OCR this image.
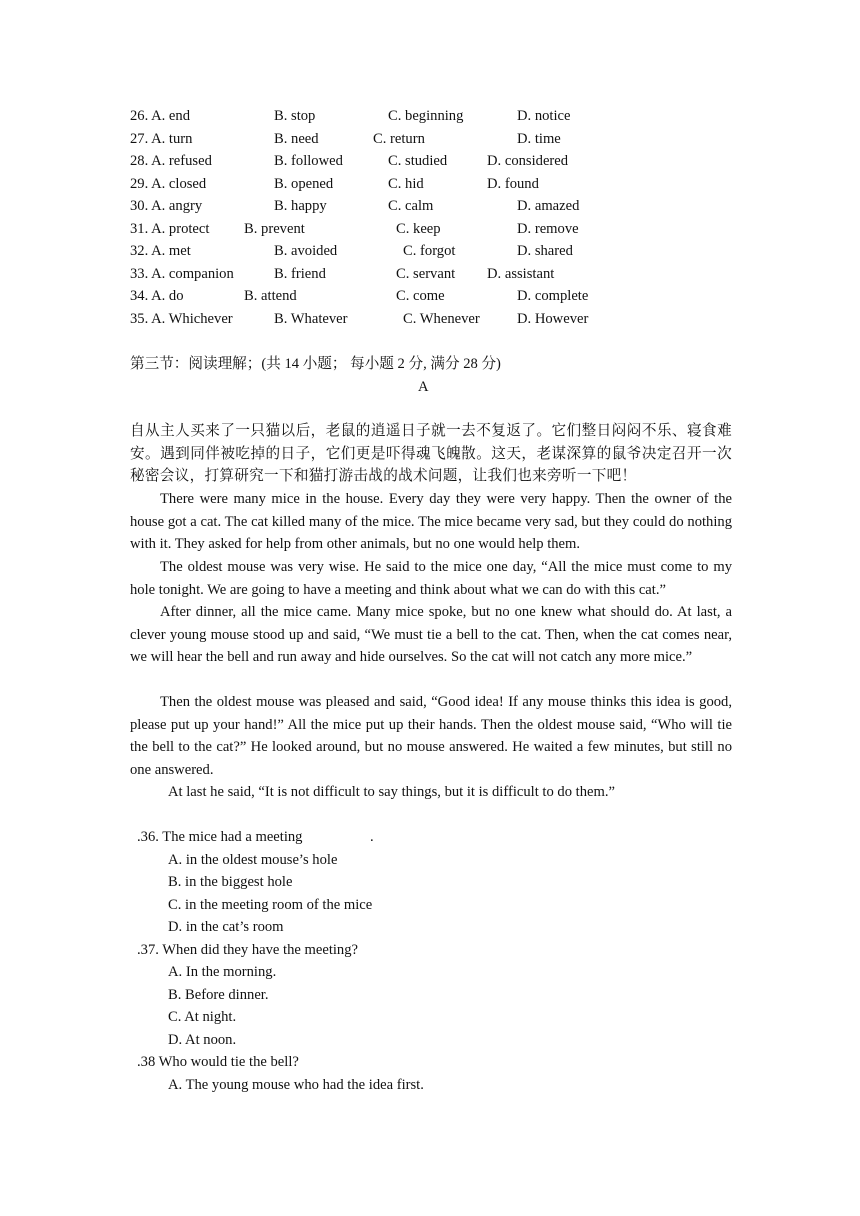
26. A. end	B. stop	C. beginning	D. notice
27. A. turn	B. need	C. return	D. time
28. A. refused	B. followed	C. studied	D. considered
29. A. closed	B. opened	C. hid	D. found
30. A. angry	B. happy	C. calm	D. amazed
31. A. protect B. prevent	C. keep	D. remove
32. A. met	B. avoided	C. forgot	D. shared
33. A. companion	B. friend	C. servant D. assistant
34. A. do	B. attend	C. come	D. complete
35. A. Whichever	B. Whatever	C. Whenever	D. However
第三节：阅读理解；(共 14 小题； 每小题 2 分, 满分 28 分)
A
自从主人买来了一只猫以后，老鼠的逍遥日子就一去不复返了。它们整日闷闷不乐、寝食难安。遇到同伴被吃掉的日子，它们更是吓得魂飞魄散。这天，老谋深算的鼠爷决定召开一次秘密会议，打算研究一下和猫打游击战的战术问题，让我们也来旁听一下吧！
There were many mice in the house. Every day they were very happy. Then the owner of the house got a cat. The cat killed many of the mice. The mice became very sad, but they could do nothing with it. They asked for help from other animals, but no one would help them.
The oldest mouse was very wise. He said to the mice one day, “All the mice must come to my hole tonight. We are going to have a meeting and think about what we can do with this cat.”
After dinner, all the mice came. Many mice spoke, but no one knew what should do. At last, a clever young mouse stood up and said, “We must tie a bell to the cat. Then, when the cat comes near, we will hear the bell and run away and hide ourselves. So the cat will not catch any more mice.”
Then the oldest mouse was pleased and said, “Good idea! If any mouse thinks this idea is good, please put up your hand!” All the mice put up their hands. Then the oldest mouse said, “Who will tie the bell to the cat?” He looked around, but no mouse answered. He waited a few minutes, but still no one answered.
At last he said, “It is not difficult to say things, but it is difficult to do them.”
.36. The mice had a meeting	.
A. in the oldest mouse’s hole
B. in the biggest hole
C. in the meeting room of the mice
D. in the cat’s room
.37. When did they have the meeting?
A. In the morning.
B. Before dinner.
C. At night.
D. At noon.
.38 Who would tie the bell?
A. The young mouse who had the idea first.
